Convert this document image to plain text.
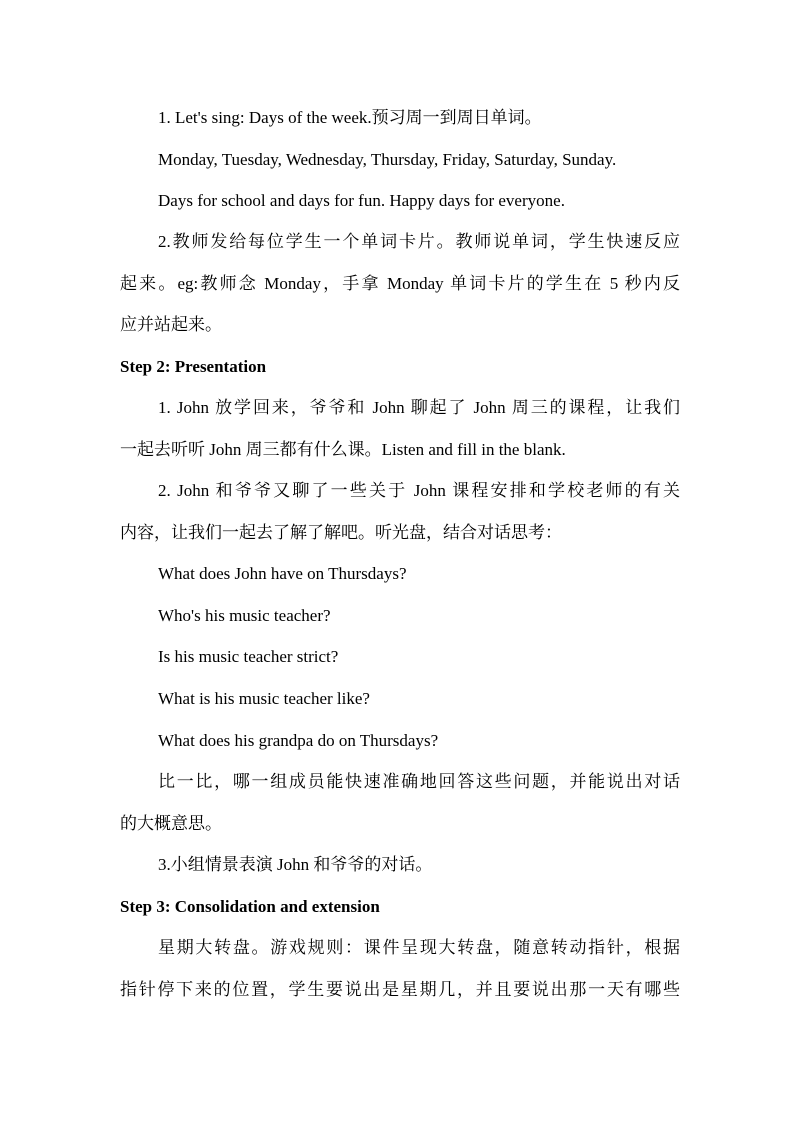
1. Let's sing: Days of the week.预习周一到周日单词。
Monday, Tuesday, Wednesday, Thursday, Friday, Saturday, Sunday.
Days for school and days for fun. Happy days for everyone.
2.教师发给每位学生一个单词卡片。教师说单词，学生快速反应
起来。eg:教师念 Monday，手拿 Monday 单词卡片的学生在 5 秒内反
应并站起来。
Step 2: Presentation
1. John 放学回来，爷爷和 John 聊起了 John 周三的课程，让我们
一起去听听 John 周三都有什么课。Listen and fill in the blank.
2. John 和爷爷又聊了一些关于 John 课程安排和学校老师的有关
内容，让我们一起去了解了解吧。听光盘，结合对话思考：
What does John have on Thursdays?
Who's his music teacher?
Is his music teacher strict?
What is his music teacher like?
What does his grandpa do on Thursdays?
比一比，哪一组成员能快速准确地回答这些问题，并能说出对话
的大概意思。
3.小组情景表演 John 和爷爷的对话。
Step 3: Consolidation and extension
星期大转盘。游戏规则：课件呈现大转盘，随意转动指针，根据
指针停下来的位置，学生要说出是星期几，并且要说出那一天有哪些
